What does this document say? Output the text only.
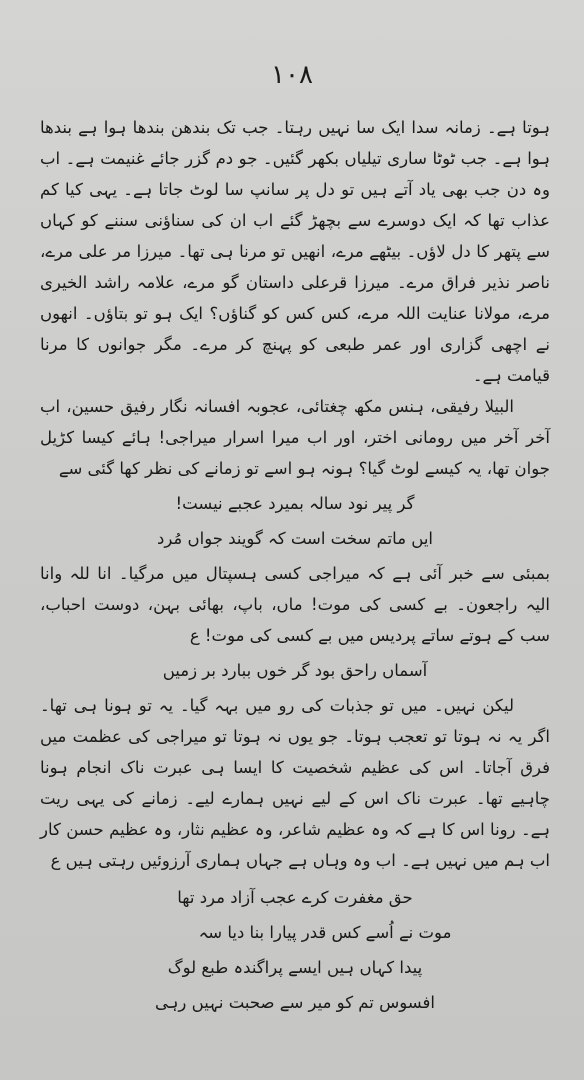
۱۰۸

ہوتا ہے۔ زمانہ سدا ایک سا نہیں رہتا۔ جب تک بندھن بندھا ہوا ہے بندھا ہوا ہے۔ جب ٹوٹا ساری تیلیاں بکھر گئیں۔ جو دم گزر جائے غنیمت ہے۔ اب وہ دن جب بھی یاد آتے ہیں تو دل پر سانپ سا لوٹ جاتا ہے۔ یہی کیا کم عذاب تھا کہ ایک دوسرے سے بچھڑ گئے اب ان کی سناؤنی سننے کو کہاں سے پتھر کا دل لاؤں۔ بیٹھے مرے، انھیں تو مرنا ہی تھا۔ میرزا مر علی مرے، ناصر نذیر فراق مرے۔ میرزا قرعلی داستان گو مرے، علامہ راشد الخیری مرے، مولانا عنایت اللہ مرے، کس کس کو گناؤں؟ ایک ہو تو بتاؤں۔ انھوں نے اچھی گزاری اور عمر طبعی کو پہنچ کر مرے۔ مگر جوانوں کا مرنا قیامت ہے۔

البیلا رفیقی، ہنس مکھ چغتائی، عجوبہ افسانہ نگار رفیق حسین، اب آخر آخر میں رومانی اختر، اور اب میرا اسرار میراجی! ہائے کیسا کڑیل جوان تھا، یہ کیسے لوٹ گیا؟ ہونہ ہو اسے تو زمانے کی نظر کھا گئی سے

گر پیر نود سالہ بمیرد عجبے نیست!
ایں ماتم سخت است کہ گویند جواں مُرد

بمبئی سے خبر آئی ہے کہ میراجی کسی ہسپتال میں مرگیا۔ انا للہ وانا الیہ راجعون۔ بے کسی کی موت! ماں، باپ، بھائی بہن، دوست احباب، سب کے ہوتے ساتے پردیس میں بے کسی کی موت! ع

آسماں راحق بود گر خوں ببارد بر زمیں

لیکن نہیں۔ میں تو جذبات کی رو میں بہہ گیا۔ یہ تو ہونا ہی تھا۔ اگر یہ نہ ہوتا تو تعجب ہوتا۔ جو یوں نہ ہوتا تو میراجی کی عظمت میں فرق آجاتا۔ اس کی عظیم شخصیت کا ایسا ہی عبرت ناک انجام ہونا چاہیے تھا۔ عبرت ناک اس کے لیے نہیں ہمارے لیے۔ زمانے کی یہی ریت ہے۔ رونا اس کا ہے کہ وہ عظیم شاعر، وہ عظیم نثار، وہ عظیم حسن کار اب ہم میں نہیں ہے۔ اب وہ وہاں ہے جہاں ہماری آرزوئیں رہتی ہیں ع

حق مغفرت کرے عجب آزاد مرد تھا
موت نے اُسے کس قدر پیارا بنا دیا سہ
پیدا کہاں ہیں ایسے پراگندہ طبع لوگ
افسوس تم کو میر سے صحبت نہیں رہی
